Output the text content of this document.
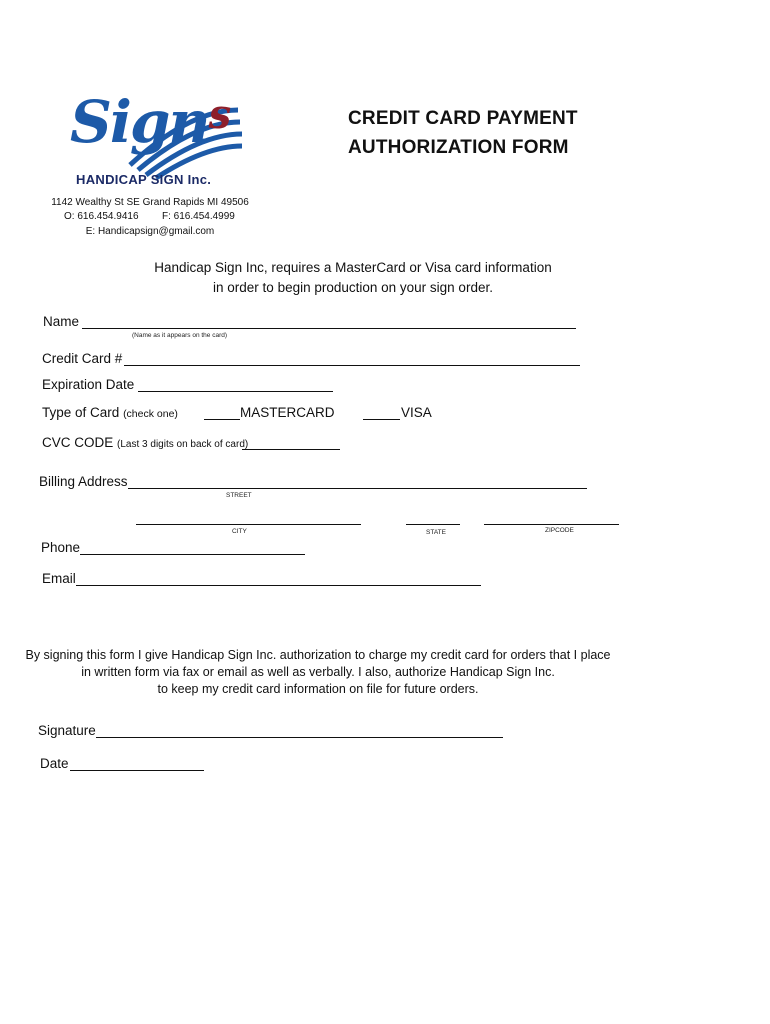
Sign$^s$
HANDICAP SIGN Inc.
1142 Wealthy St SE Grand Rapids MI 49506
O: 616.454.9416 F: 616.454.4999
E: Handicapsign@gmail.com
CREDIT CARD PAYMENT
AUTHORIZATION FORM
Handicap Sign Inc, requires a MasterCard or Visa card information
in order to begin production on your sign order.
Name
(Name as it appears on the card)
Credit Card #
Expiration Date
Type of Card (check one)	MASTERCARD	VISA
CVC CODE (Last 3 digits on back of card)
Billing Address
STREET
CITY	STATE	ZIPCODE
Phone
Email
By signing this form I give Handicap Sign Inc. authorization to charge my credit card for orders that I place
in written form via fax or email as well as verbally. I also, authorize Handicap Sign Inc.
to keep my credit card information on file for future orders.
Signature
Date
